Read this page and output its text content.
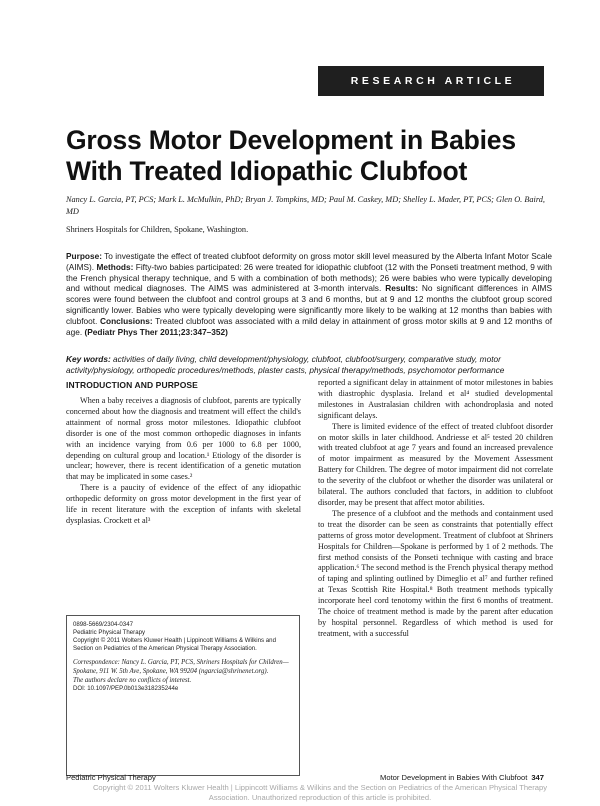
RESEARCH ARTICLE
Gross Motor Development in Babies With Treated Idiopathic Clubfoot

Nancy L. Garcia, PT, PCS; Mark L. McMulkin, PhD; Bryan J. Tompkins, MD; Paul M. Caskey, MD; Shelley L. Mader, PT, PCS; Glen O. Baird, MD

Shriners Hospitals for Children, Spokane, Washington.

Purpose: To investigate the effect of treated clubfoot deformity on gross motor skill level measured by the Alberta Infant Motor Scale (AIMS). Methods: Fifty-two babies participated: 26 were treated for idiopathic clubfoot (12 with the Ponseti treatment method, 9 with the French physical therapy technique, and 5 with a combination of both methods); 26 were babies who were typically developing and without medical diagnoses. The AIMS was administered at 3-month intervals. Results: No significant differences in AIMS scores were found between the clubfoot and control groups at 3 and 6 months, but at 9 and 12 months the clubfoot group scored significantly lower. Babies who were typically developing were significantly more likely to be walking at 12 months than babies with clubfoot. Conclusions: Treated clubfoot was associated with a mild delay in attainment of gross motor skills at 9 and 12 months of age. (Pediatr Phys Ther 2011;23:347–352)

Key words: activities of daily living, child development/physiology, clubfoot, clubfoot/surgery, comparative study, motor activity/physiology, orthopedic procedures/methods, plaster casts, physical therapy/methods, psychomotor performance

INTRODUCTION AND PURPOSE

When a baby receives a diagnosis of clubfoot, parents are typically concerned about how the diagnosis and treatment will effect the child's attainment of normal gross motor milestones. Idiopathic clubfoot disorder is one of the most common orthopedic diagnoses in infants with an incidence varying from 0.6 per 1000 to 6.8 per 1000, depending on cultural group and location.¹ Etiology of the disorder is unclear; however, there is recent identification of a genetic mutation that may be implicated in some cases.²

There is a paucity of evidence of the effect of any idiopathic orthopedic deformity on gross motor development in the first year of life in recent literature with the exception of infants with skeletal dysplasias. Crockett et al³

0898-5669/2304-0347

Pediatric Physical Therapy

Copyright © 2011 Wolters Kluwer Health | Lippincott Williams & Wilkins and Section on Pediatrics of the American Physical Therapy Association.

Correspondence: Nancy L. Garcia, PT, PCS, Shriners Hospitals for Children—Spokane, 911 W. 5th Ave, Spokane, WA 99204 (ngarcia@shrinenet.org).

The authors declare no conflicts of interest.

DOI: 10.1097/PEP.0b013e318235244e

reported a significant delay in attainment of motor milestones in babies with diastrophic dysplasia. Ireland et al⁴ studied developmental milestones in Australasian children with achondroplasia and noted significant delays.

There is limited evidence of the effect of treated clubfoot disorder on motor skills in later childhood. Andriesse et al⁵ tested 20 children with treated clubfoot at age 7 years and found an increased prevalence of motor impairment as measured by the Movement Assessment Battery for Children. The degree of motor impairment did not correlate to the severity of the clubfoot or whether the disorder was unilateral or bilateral. The authors concluded that factors, in addition to clubfoot disorder, may be present that affect motor abilities.

The presence of a clubfoot and the methods and containment used to treat the disorder can be seen as constraints that potentially effect patterns of gross motor development. Treatment of clubfoot at Shriners Hospitals for Children—Spokane is performed by 1 of 2 methods. The first method consists of the Ponseti technique with casting and brace application.⁶ The second method is the French physical therapy method of taping and splinting outlined by Dimeglio et al⁷ and further refined at Texas Scottish Rite Hospital.⁸ Both treatment methods typically incorporate heel cord tenotomy within the first 6 months of treatment. The choice of treatment method is made by the parent after education by hospital personnel. Regardless of which method is used for treatment, with a successful

Pediatric Physical Therapy	Motor Development in Babies With Clubfoot 347
Copyright © 2011 Wolters Kluwer Health | Lippincott Williams & Wilkins and the Section on Pediatrics of the American Physical Therapy
Association. Unauthorized reproduction of this article is prohibited.
